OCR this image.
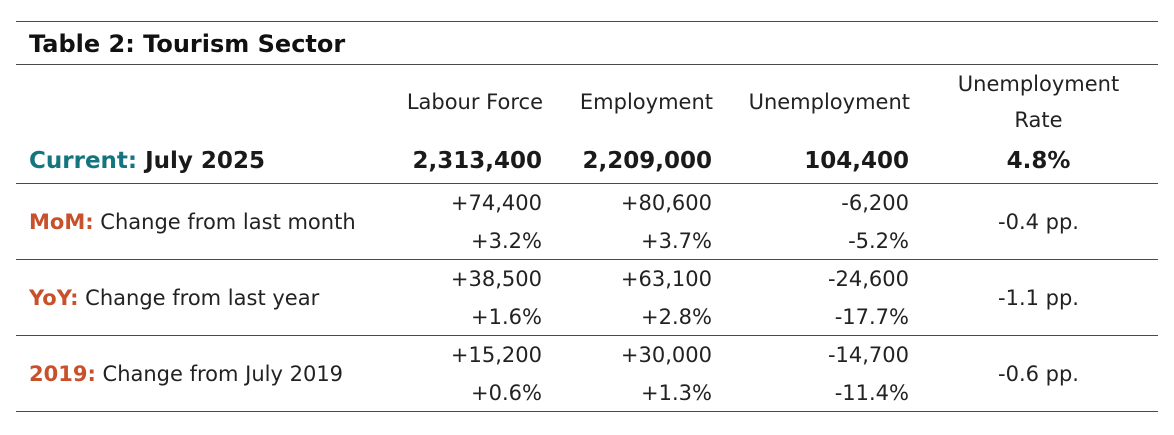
Table 2: Tourism Sector
	Labour Force	Employment	Unemployment	Unemployment
Rate
Current: July 2025	2,313,400	2,209,000	104,400	4.8%
MoM: Change from last month	+74,400	+80,600	-6,200	-0.4 pp.
	+3.2%	+3.7%	-5.2%	
YoY: Change from last year	+38,500	+63,100	-24,600	-1.1 pp.
	+1.6%	+2.8%	-17.7%	
2019: Change from July 2019	+15,200	+30,000	-14,700	-0.6 pp.
	+0.6%	+1.3%	-11.4%	
